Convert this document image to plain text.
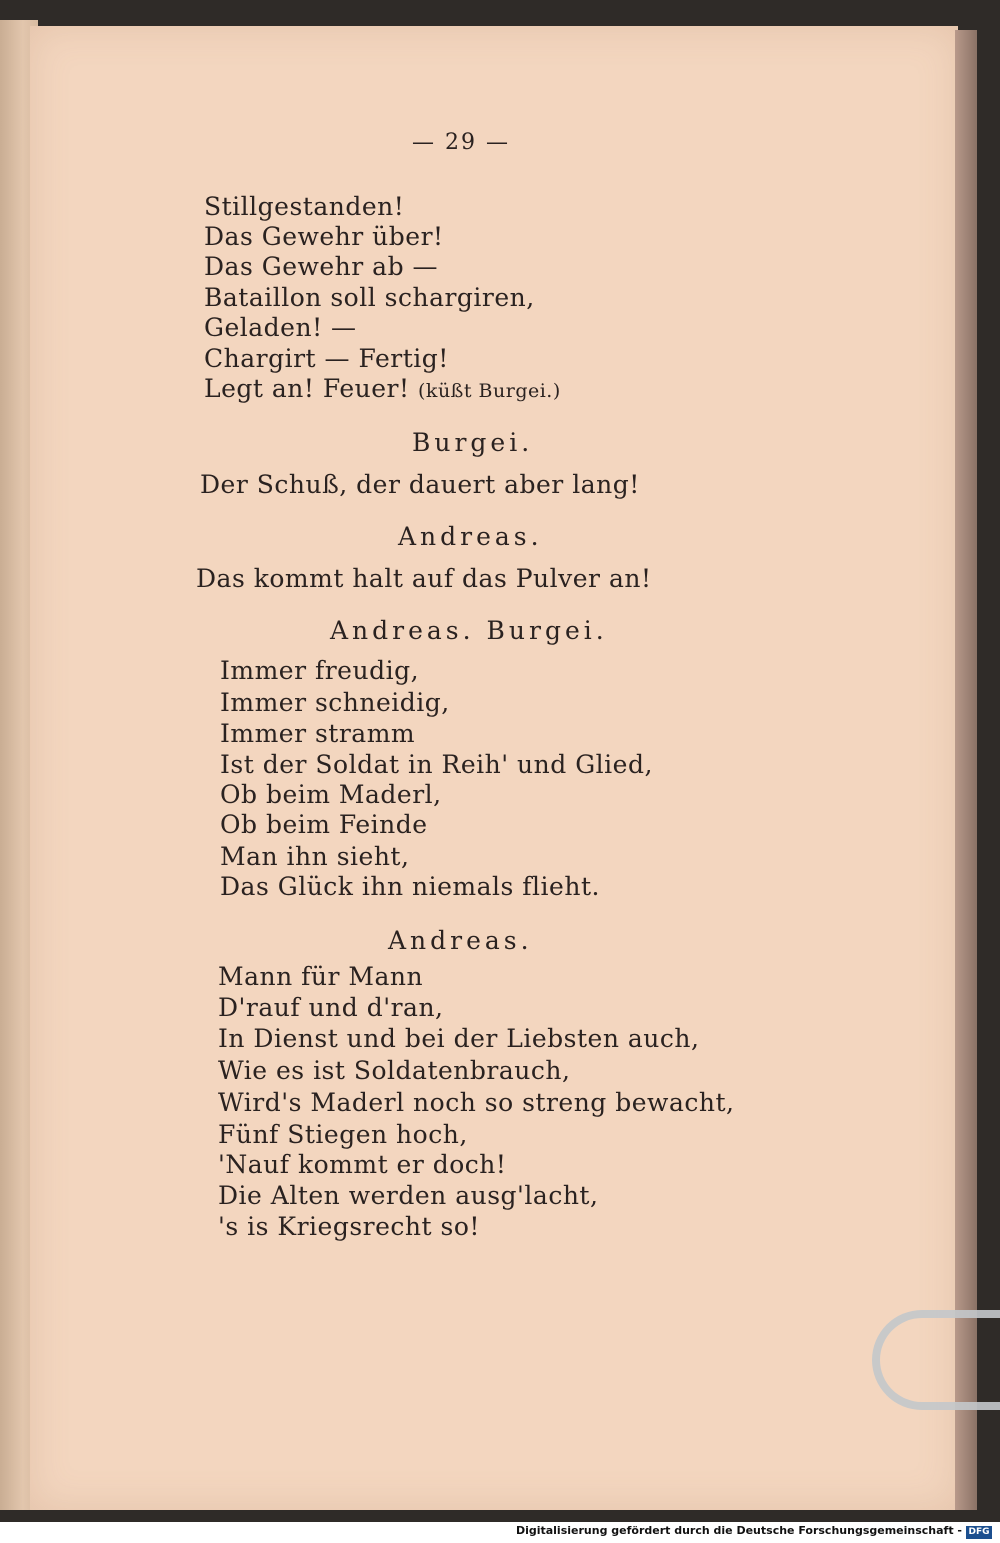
— 29 —
Stillgestanden!
Das Gewehr über!
Das Gewehr ab —
Bataillon soll schargiren,
Geladen! —
Chargirt — Fertig!
Legt an! Feuer! (küßt Burgei.)
Burgei.
Der Schuß, der dauert aber lang!
Andreas.
Das kommt halt auf das Pulver an!
Andreas. Burgei.
Immer freudig,
Immer schneidig,
Immer stramm
Ist der Soldat in Reih' und Glied,
Ob beim Maderl,
Ob beim Feinde
Man ihn sieht,
Das Glück ihn niemals flieht.
Andreas.
Mann für Mann
D'rauf und d'ran,
In Dienst und bei der Liebsten auch,
Wie es ist Soldatenbrauch,
Wird's Maderl noch so streng bewacht,
Fünf Stiegen hoch,
'Nauf kommt er doch!
Die Alten werden ausg'lacht,
's is Kriegsrecht so!
Digitalisierung gefördert durch die Deutsche Forschungsgemeinschaft - DFG
